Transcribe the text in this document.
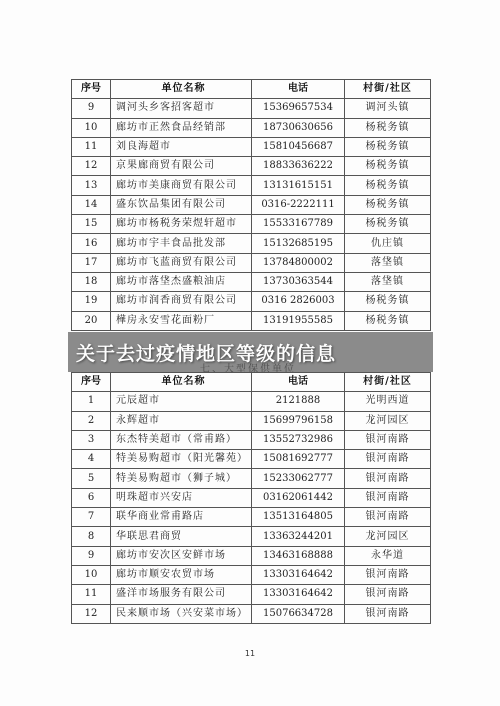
序号	单位名称	电话	村街/社区
9	调河头乡客招客超市	15369657534	调河头镇
10	廊坊市正然食品经销部	18730630656	杨税务镇
11	刘良海超市	15810456687	杨税务镇
12	京果廊商贸有限公司	18833636222	杨税务镇
13	廊坊市美康商贸有限公司	13131615151	杨税务镇
14	盛东饮品集团有限公司	0316-2222111	杨税务镇
15	廊坊市杨税务荣煜轩超市	15533167789	杨税务镇
16	廊坊市宇丰食品批发部	15132685195	仇庄镇
17	廊坊市飞蓝商贸有限公司	13784800002	落垡镇
18	廊坊市落垡杰盛粮油店	13730363544	落垡镇
19	廊坊市润香商贸有限公司	0316 2826003	杨税务镇
20	樺房永安雪花面粉厂	13191955585	杨税务镇
序号	单位名称	电话	村街/社区
1	元辰超市	2121888	光明西道
2	永辉超市	15699796158	龙河园区
3	东杰特美超市（常甫路）	13552732986	银河南路
4	特美易购超市（阳光馨苑）	15081692777	银河南路
5	特美易购超市（狮子城）	15233062777	银河南路
6	明珠超市兴安店	03162061442	银河南路
7	联华商业常甫路店	13513164805	银河南路
8	华联思君商贸	13363244201	龙河园区
9	廊坊市安次区安鲜市场	13463168888	永华道
10	廊坊市顺安农贸市场	13303164642	银河南路
11	盛洋市场服务有限公司	13303164642	银河南路
12	民来顺市场（兴安菜市场）	15076634728	银河南路
关于去过疫情地区等级的信息
11
